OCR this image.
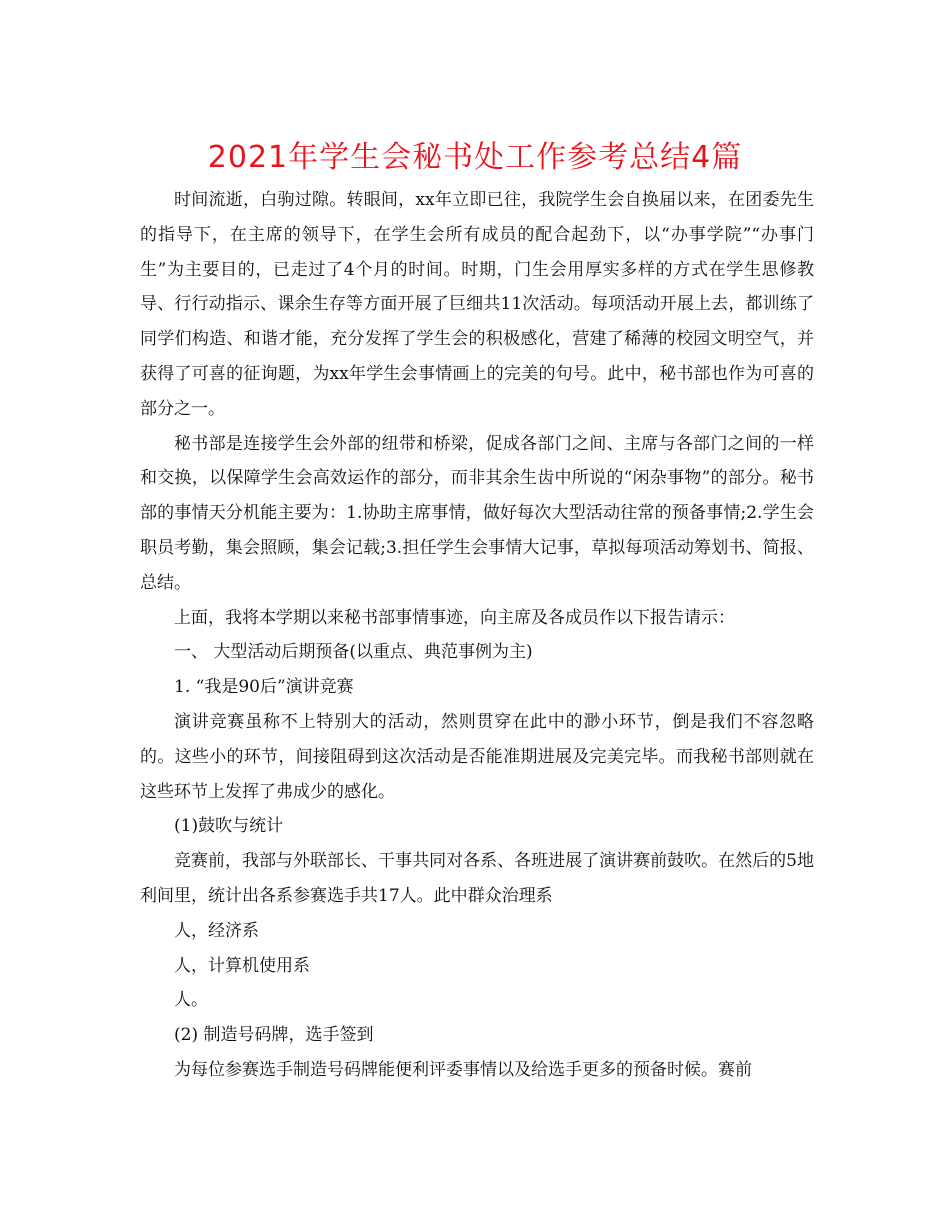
2021年学生会秘书处工作参考总结4篇

时间流逝，白驹过隙。转眼间，xx年立即已往，我院学生会自换届以来，在团委先生的指导下，在主席的领导下，在学生会所有成员的配合起劲下，以“办事学院”“办事门生”为主要目的，已走过了4个月的时间。时期，门生会用厚实多样的方式在学生思修教导、行行动指示、课余生存等方面开展了巨细共11次活动。每项活动开展上去，都训练了同学们构造、和谐才能，充分发挥了学生会的积极感化，营建了稀薄的校园文明空气，并获得了可喜的征询题，为xx年学生会事情画上的完美的句号。此中，秘书部也作为可喜的部分之一。

秘书部是连接学生会外部的纽带和桥梁，促成各部门之间、主席与各部门之间的一样和交换，以保障学生会高效运作的部分，而非其余生齿中所说的“闲杂事物”的部分。秘书部的事情天分机能主要为：1.协助主席事情，做好每次大型活动往常的预备事情;2.学生会职员考勤，集会照顾，集会记载;3.担任学生会事情大记事，草拟每项活动筹划书、简报、总结。

上面，我将本学期以来秘书部事情事迹，向主席及各成员作以下报告请示：

一、 大型活动后期预备(以重点、典范事例为主)

1. “我是90后”演讲竞赛

演讲竞赛虽称不上特别大的活动，然则贯穿在此中的渺小环节，倒是我们不容忽略的。这些小的环节，间接阻碍到这次活动是否能准期进展及完美完毕。而我秘书部则就在这些环节上发挥了弗成少的感化。

(1)鼓吹与统计

竞赛前，我部与外联部长、干事共同对各系、各班进展了演讲赛前鼓吹。在然后的5地利间里，统计出各系参赛选手共17人。此中群众治理系

人，经济系

人，计算机使用系

人。

(2) 制造号码牌，选手签到

为每位参赛选手制造号码牌能便利评委事情以及给选手更多的预备时候。赛前
